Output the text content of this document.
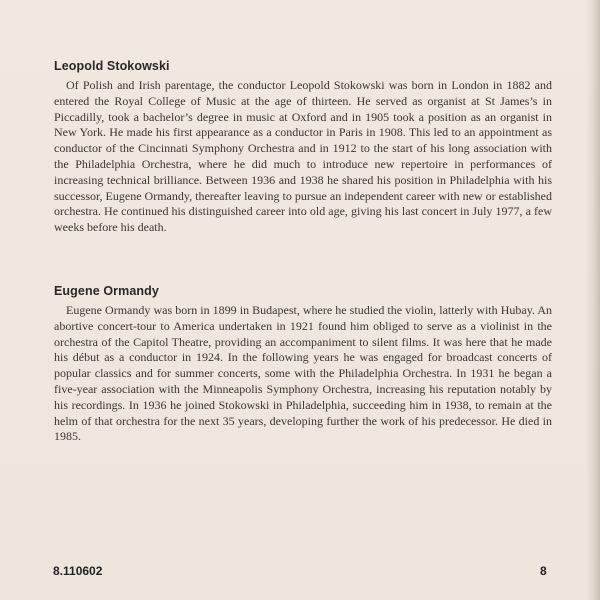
Leopold Stokowski

Of Polish and Irish parentage, the conductor Leopold Stokowski was born in London in 1882 and entered the Royal College of Music at the age of thirteen. He served as organist at St James’s in Piccadilly, took a bachelor’s degree in music at Oxford and in 1905 took a position as an organist in New York. He made his first appearance as a conductor in Paris in 1908. This led to an appointment as conductor of the Cincinnati Symphony Orchestra and in 1912 to the start of his long association with the Philadelphia Orchestra, where he did much to introduce new repertoire in performances of increasing technical brilliance. Between 1936 and 1938 he shared his position in Philadelphia with his successor, Eugene Ormandy, thereafter leaving to pursue an independent career with new or established orchestra. He continued his distinguished career into old age, giving his last concert in July 1977, a few weeks before his death.

Eugene Ormandy

Eugene Ormandy was born in 1899 in Budapest, where he studied the violin, latterly with Hubay. An abortive concert-tour to America undertaken in 1921 found him obliged to serve as a violinist in the orchestra of the Capitol Theatre, providing an accompaniment to silent films. It was here that he made his début as a conductor in 1924. In the following years he was engaged for broadcast concerts of popular classics and for summer concerts, some with the Philadelphia Orchestra. In 1931 he began a five-year association with the Minneapolis Symphony Orchestra, increasing his reputation notably by his recordings. In 1936 he joined Stokowski in Philadelphia, succeeding him in 1938, to remain at the helm of that orchestra for the next 35 years, developing further the work of his predecessor. He died in 1985.

8.110602	8
